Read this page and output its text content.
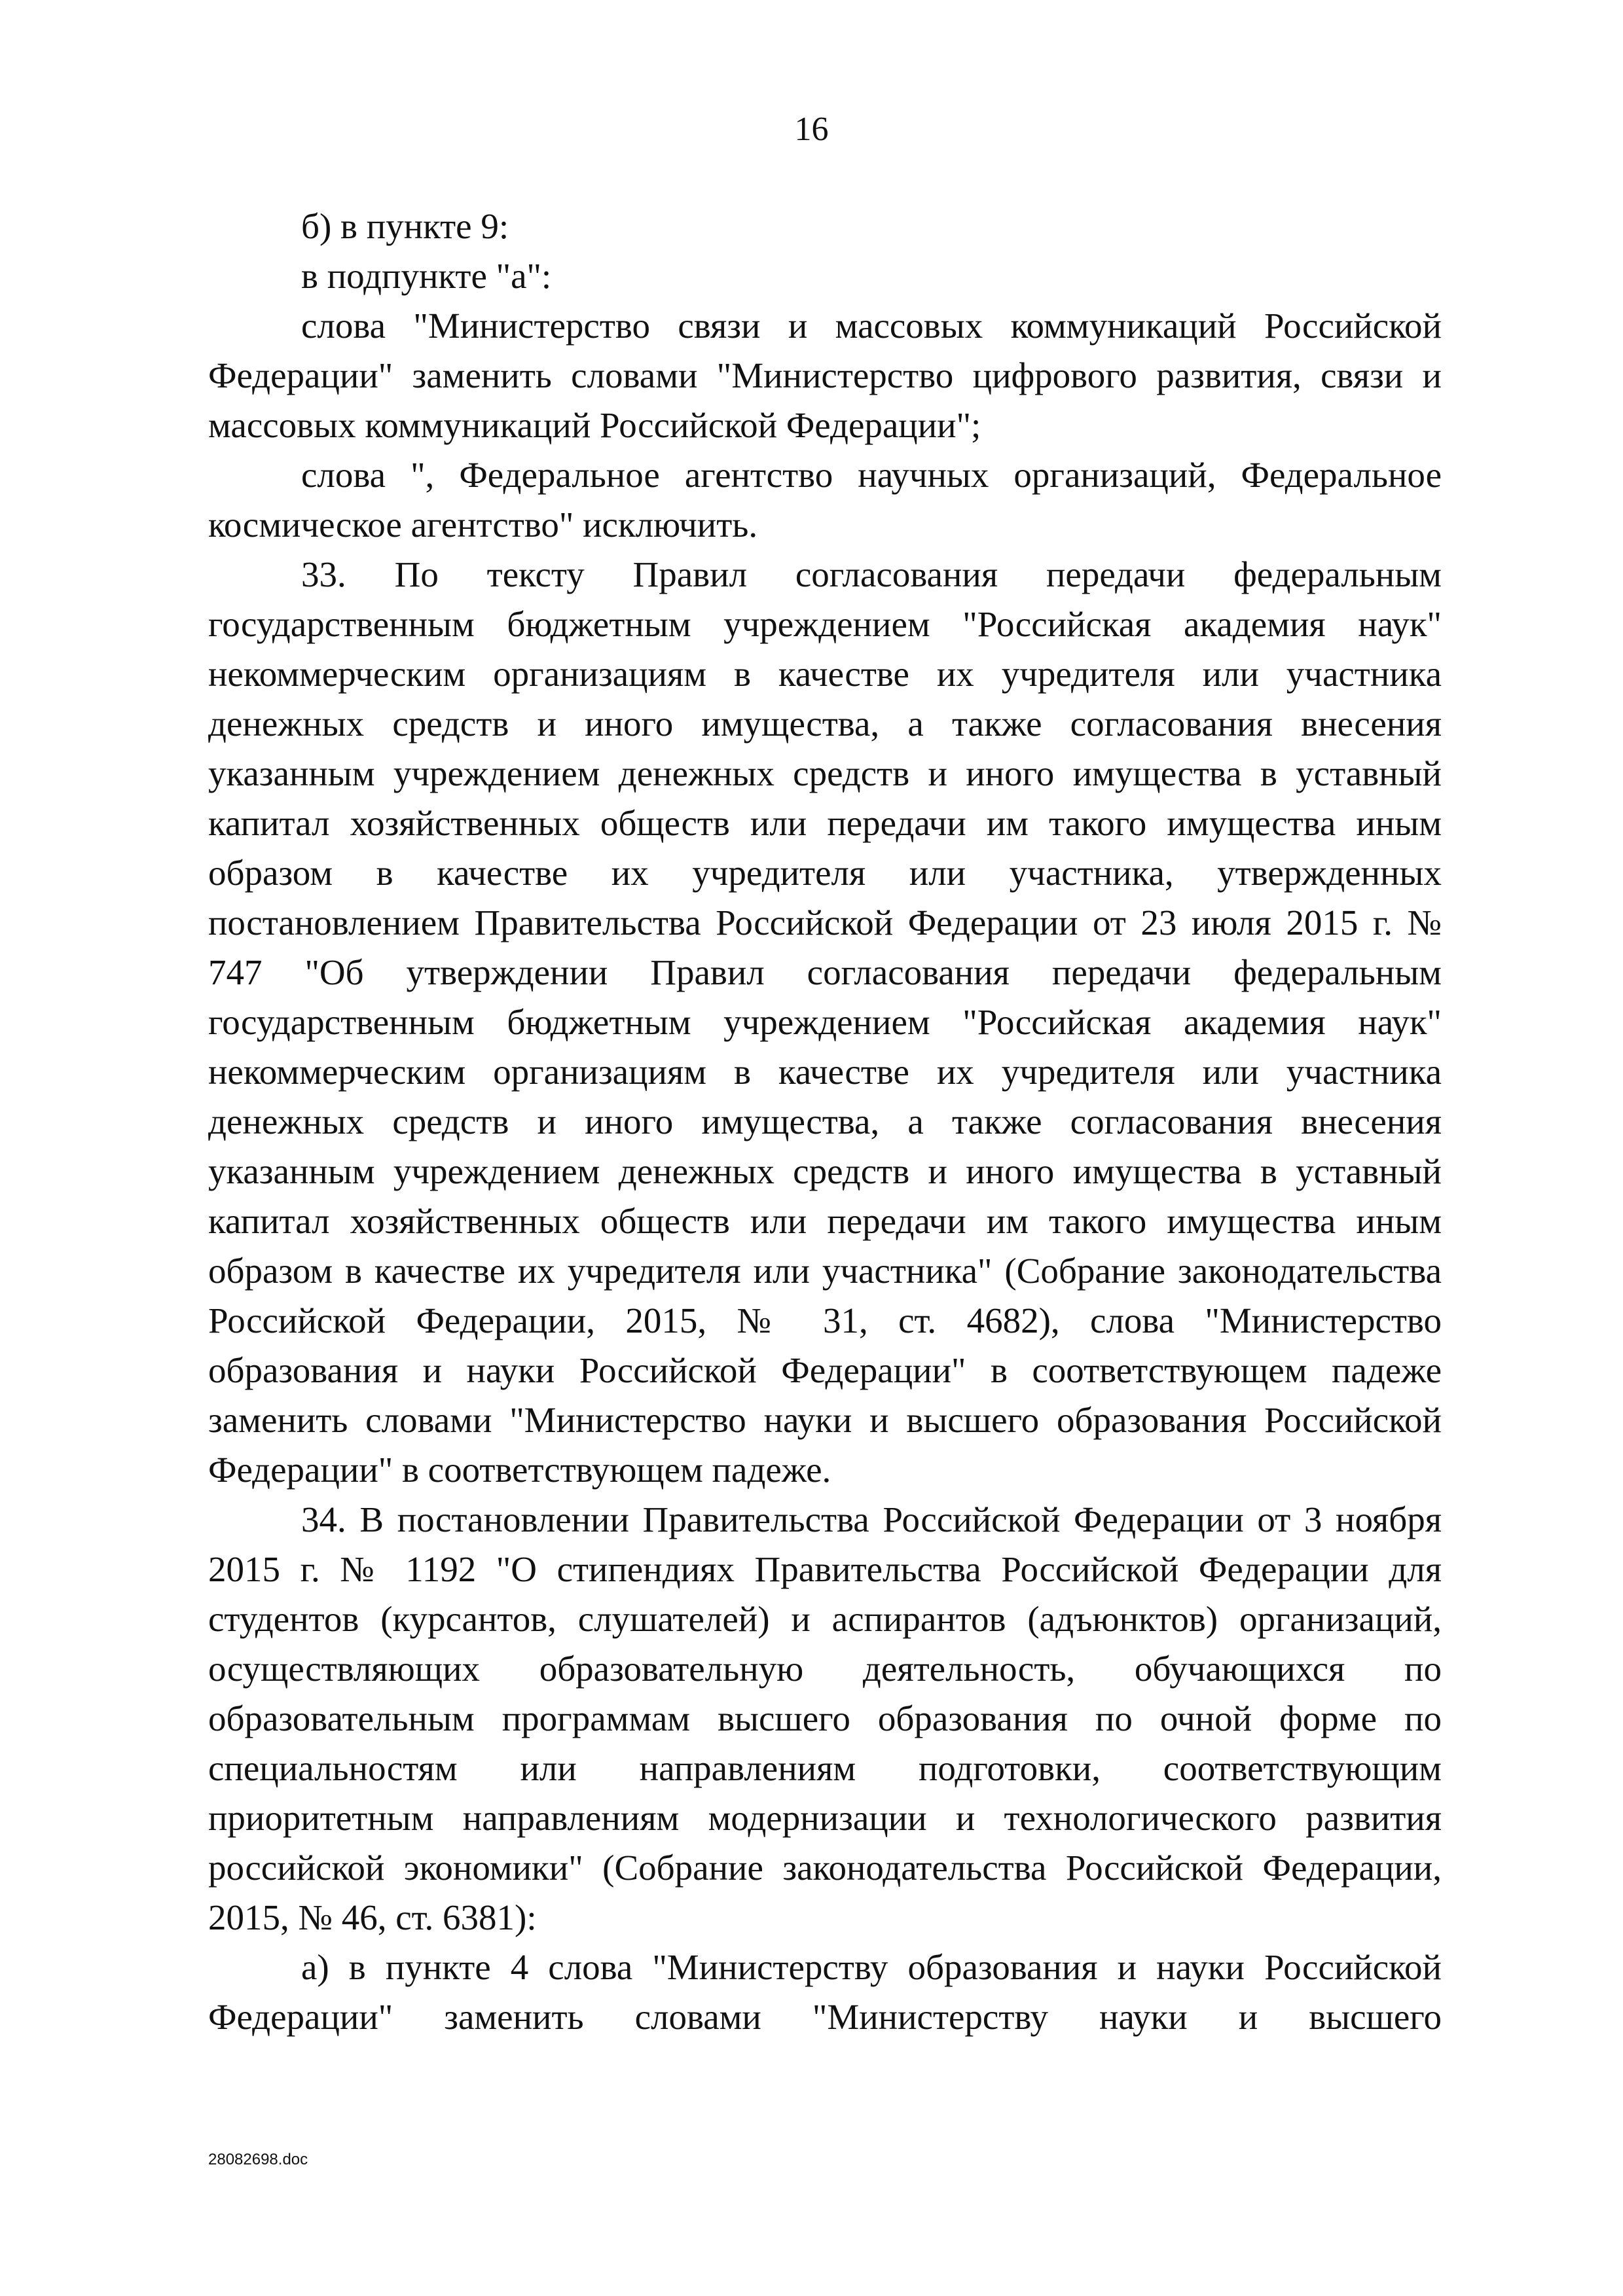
16

б) в пункте 9:

в подпункте "а":

слова "Министерство связи и массовых коммуникаций Российской Федерации" заменить словами "Министерство цифрового развития, связи и массовых коммуникаций Российской Федерации";

слова ", Федеральное агентство научных организаций, Федеральное космическое агентство" исключить.

33. По тексту Правил согласования передачи федеральным государственным бюджетным учреждением "Российская академия наук" некоммерческим организациям в качестве их учредителя или участника денежных средств и иного имущества, а также согласования внесения указанным учреждением денежных средств и иного имущества в уставный капитал хозяйственных обществ или передачи им такого имущества иным образом в качестве их учредителя или участника, утвержденных постановлением Правительства Российской Федерации от 23 июля 2015 г. № 747 "Об утверждении Правил согласования передачи федеральным государственным бюджетным учреждением "Российская академия наук" некоммерческим организациям в качестве их учредителя или участника денежных средств и иного имущества, а также согласования внесения указанным учреждением денежных средств и иного имущества в уставный капитал хозяйственных обществ или передачи им такого имущества иным образом в качестве их учредителя или участника" (Собрание законодательства Российской Федерации, 2015, № 31, ст. 4682), слова "Министерство образования и науки Российской Федерации" в соответствующем падеже заменить словами "Министерство науки и высшего образования Российской Федерации" в соответствующем падеже.

34. В постановлении Правительства Российской Федерации от 3 ноября 2015 г. № 1192 "О стипендиях Правительства Российской Федерации для студентов (курсантов, слушателей) и аспирантов (адъюнктов) организаций, осуществляющих образовательную деятельность, обучающихся по образовательным программам высшего образования по очной форме по специальностям или направлениям подготовки, соответствующим приоритетным направлениям модернизации и технологического развития российской экономики" (Собрание законодательства Российской Федерации, 2015, № 46, ст. 6381):

а) в пункте 4 слова "Министерству образования и науки Российской Федерации" заменить словами "Министерству науки и высшего

28082698.doc
